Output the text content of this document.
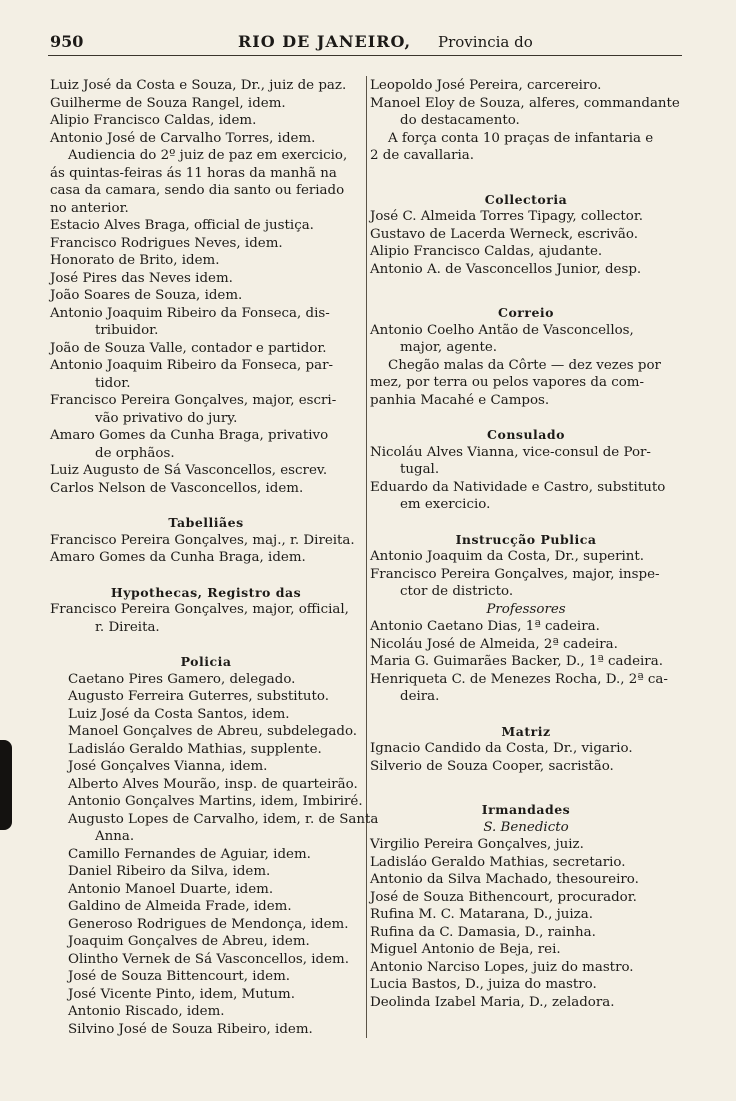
950	RIO DE JANEIRO, Provincia do
Luiz José da Costa e Souza, Dr., juiz de paz.
Guilherme de Souza Rangel, idem.
Alipio Francisco Caldas, idem.
Antonio José de Carvalho Torres, idem.
Audiencia do 2º juiz de paz em exercicio,
ás quintas-feiras ás 11 horas da manhã na
casa da camara, sendo dia santo ou feriado
no anterior.
Estacio Alves Braga, official de justiça.
Francisco Rodrigues Neves, idem.
Honorato de Brito, idem.
José Pires das Neves idem.
João Soares de Souza, idem.
Antonio Joaquim Ribeiro da Fonseca, dis-
tribuidor.
João de Souza Valle, contador e partidor.
Antonio Joaquim Ribeiro da Fonseca, par-
tidor.
Francisco Pereira Gonçalves, major, escri-
vão privativo do jury.
Amaro Gomes da Cunha Braga, privativo
de orphãos.
Luiz Augusto de Sá Vasconcellos, escrev.
Carlos Nelson de Vasconcellos, idem.
Tabelliães
Francisco Pereira Gonçalves, maj., r. Direita.
Amaro Gomes da Cunha Braga, idem.
Hypothecas, Registro das
Francisco Pereira Gonçalves, major, official,
r. Direita.
Policia
Caetano Pires Gamero, delegado.
Augusto Ferreira Guterres, substituto.
Luiz José da Costa Santos, idem.
Manoel Gonçalves de Abreu, subdelegado.
Ladisláo Geraldo Mathias, supplente.
José Gonçalves Vianna, idem.
Alberto Alves Mourão, insp. de quarteirão.
Antonio Gonçalves Martins, idem, Imbiriré.
Augusto Lopes de Carvalho, idem, r. de Santa
Anna.
Camillo Fernandes de Aguiar, idem.
Daniel Ribeiro da Silva, idem.
Antonio Manoel Duarte, idem.
Galdino de Almeida Frade, idem.
Generoso Rodrigues de Mendonça, idem.
Joaquim Gonçalves de Abreu, idem.
Olintho Vernek de Sá Vasconcellos, idem.
José de Souza Bittencourt, idem.
José Vicente Pinto, idem, Mutum.
Antonio Riscado, idem.
Silvino José de Souza Ribeiro, idem.
Leopoldo José Pereira, carcereiro.
Manoel Eloy de Souza, alferes, commandante
do destacamento.
A força conta 10 praças de infantaria e
2 de cavallaria.
Collectoria
José C. Almeida Torres Tipagy, collector.
Gustavo de Lacerda Werneck, escrivão.
Alipio Francisco Caldas, ajudante.
Antonio A. de Vasconcellos Junior, desp.
Correio
Antonio Coelho Antão de Vasconcellos,
major, agente.
Chegão malas da Côrte — dez vezes por
mez, por terra ou pelos vapores da com-
panhia Macahé e Campos.
Consulado
Nicoláu Alves Vianna, vice-consul de Por-
tugal.
Eduardo da Natividade e Castro, substituto
em exercicio.
Instrucção Publica
Antonio Joaquim da Costa, Dr., superint.
Francisco Pereira Gonçalves, major, inspe-
ctor de districto.
Professores
Antonio Caetano Dias, 1ª cadeira.
Nicoláu José de Almeida, 2ª cadeira.
Maria G. Guimarães Backer, D., 1ª cadeira.
Henriqueta C. de Menezes Rocha, D., 2ª ca-
deira.
Matriz
Ignacio Candido da Costa, Dr., vigario.
Silverio de Souza Cooper, sacristão.
Irmandades
S. Benedicto
Virgilio Pereira Gonçalves, juiz.
Ladisláo Geraldo Mathias, secretario.
Antonio da Silva Machado, thesoureiro.
José de Souza Bithencourt, procurador.
Rufina M. C. Matarana, D., juiza.
Rufina da C. Damasia, D., rainha.
Miguel Antonio de Beja, rei.
Antonio Narciso Lopes, juiz do mastro.
Lucia Bastos, D., juiza do mastro.
Deolinda Izabel Maria, D., zeladora.
